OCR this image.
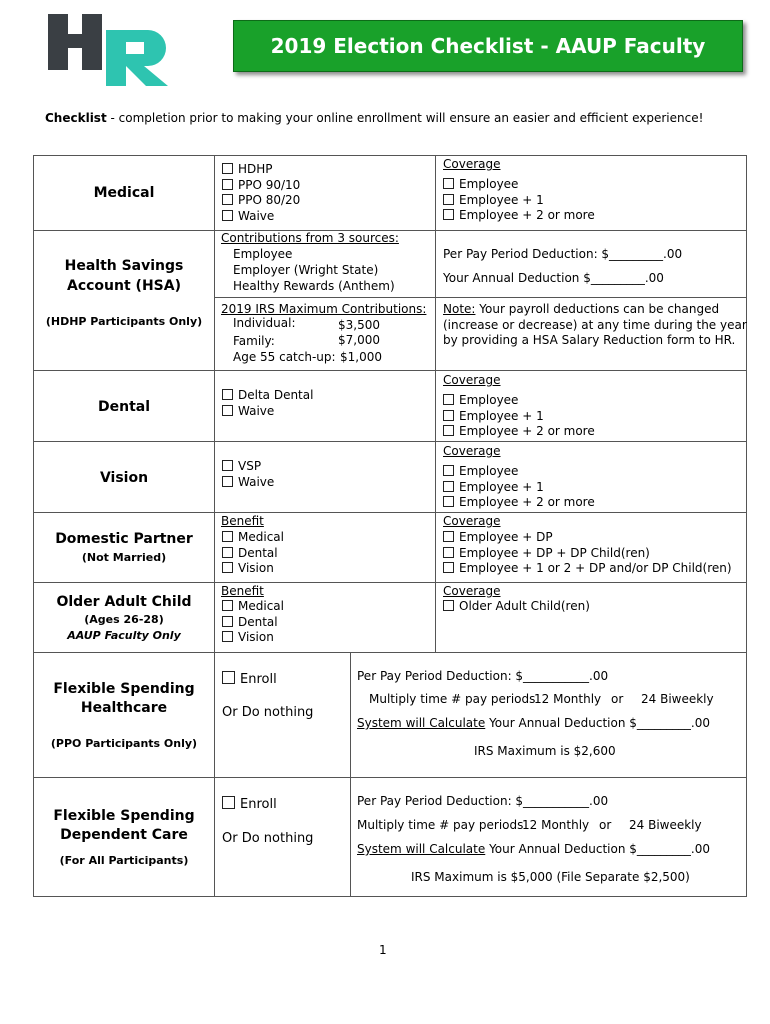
2019 Election Checklist - AAUP Faculty
Checklist - completion prior to making your online enrollment will ensure an easier and efficient experience!
Medical
HDHP
PPO 90/10
PPO 80/20
Waive
Coverage
Employee
Employee + 1
Employee + 2 or more
Health Savings
Account (HSA)
(HDHP Participants Only)
Contributions from 3 sources:
Employee
Employer (Wright State)
Healthy Rewards (Anthem)
2019 IRS Maximum Contributions:
Individual:	$3,500
Family:	$7,000
Age 55 catch-up: $1,000
Per Pay Period Deduction: $_________.00
Your Annual Deduction $_________.00
Note: Your payroll deductions can be changed
(increase or decrease) at any time during the year
by providing a HSA Salary Reduction form to HR.
Dental
Delta Dental
Waive
Coverage
Employee
Employee + 1
Employee + 2 or more
Vision
VSP
Waive
Coverage
Employee
Employee + 1
Employee + 2 or more
Domestic Partner
(Not Married)
Benefit
Medical
Dental
Vision
Coverage
Employee + DP
Employee + DP + DP Child(ren)
Employee + 1 or 2 + DP and/or DP Child(ren)
Older Adult Child
(Ages 26-28)
AAUP Faculty Only
Benefit
Medical
Dental
Vision
Coverage
Older Adult Child(ren)
Flexible Spending
Healthcare
(PPO Participants Only)
Enroll
Or Do nothing
Per Pay Period Deduction: $___________.00
Multiply time # pay periods
12 Monthly or 24 Biweekly
System will Calculate Your Annual Deduction $_________.00
IRS Maximum is $2,600
Flexible Spending
Dependent Care
(For All Participants)
Enroll
Or Do nothing
Per Pay Period Deduction: $___________.00
Multiply time # pay periods
12 Monthly or 24 Biweekly
System will Calculate Your Annual Deduction $_________.00
IRS Maximum is $5,000 (File Separate $2,500)
1
